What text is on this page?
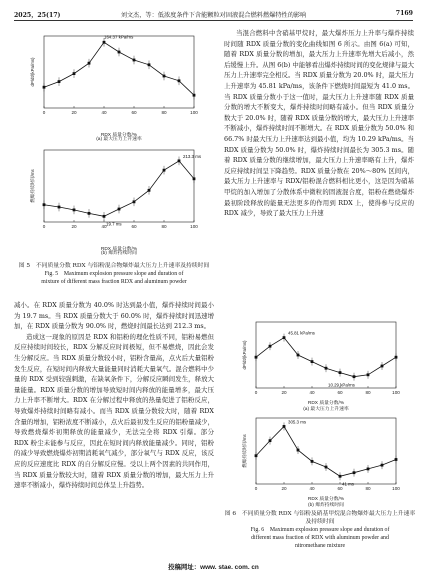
2025，25(17)	刘文杰，等：低浓度条件下含能颗粒对固液混合燃料燃爆特性的影响	7169
0	20	40	60	80	100
RDX 质量分数/%
(a) 最大压力上升速率
dP/dt/(kPa/ms)
164.37 kPa/ms
0	20	40	60	80	100
RDX 质量分数/%
(b) 爆炸持续时间
燃爆持续时间/ms
213.3 ms
19.7 ms
图 5　不同质量分数 RDX 与铝粉混合物爆炸最大压力上升速率及持续时间
Fig. 5　Maximum explosion pressure slope and duration of
mixture of different mass fraction RDX and aluminum powder

减小。在 RDX 质量分数为 40.0% 时达到最小值，爆炸持续时间最小为 19.7 ms。当 RDX 质量分数大于 60.0% 时，爆炸持续时间迅速增加，在 RDX 质量分数为 90.0% 时，燃烧时间最长达到 212.3 ms。

造成这一现象的原因是 RDX 和铝粉的理化性质不同，铝粉易燃但反应持续时间较长，RDX 分解反应时间极短，但不易燃烧，因此会发生分解反应。当 RDX 质量分数较小时，铝粉含量高，点火后大量铝粉发生反应，在短时间内释放大量能量同时消耗大量氧气。混合燃料中少量的 RDX 受到较强刺激，在缺氧条件下，分解反应瞬间发生，释放大量能量。RDX 质量分数的增加导致短时间内释放的能量增多，最大压力上升率不断增大。RDX 在分解过程中释放的热量促进了铝粉反应，导致爆炸持续时间略有减小。而当 RDX 质量分数较大时，随着 RDX 含量的增加，铝粉浓度不断减小，点火后最初发生反应的铝粉量减少，导致燃烧爆炸初期释放的能量减少，无法完全将 RDX 引爆。部分 RDX 粉尘未能参与反应，因此在短时间内释放能量减少。同时，铝粉的减少导致燃烧爆炸初期消耗氧气减少，部分氧气与 RDX 反应，该反应的反应速度比 RDX 的自分解反应慢。受以上两个因素的共同作用，当 RDX 质量分数较大时，随着 RDX 质量分数的增加，最大压力上升速率不断减小，爆炸持续时间总体呈上升趋势。

当混合燃料中含硝基甲烷时，最大爆炸压力上升率与爆炸持续时间随 RDX 质量分数的变化曲线如图 6 所示。由图 6(a) 可知，随着 RDX 质量分数的增加，最大压力上升速率先增大后减小，然后缓慢上升。从图 6(b) 中能够看出爆炸持续时间的变化规律与最大压力上升速率完全相反。当 RDX 质量分数为 20.0% 时，最大压力上升速率为 45.81 kPa/ms，该条件下燃烧时间最短为 41.0 ms。当 RDX 质量分数小于这一值时，最大压力上升速率随 RDX 质量分数的增大不断变大，爆炸持续时间略有减小。但当 RDX 质量分数大于 20.0% 时，随着 RDX 质量分数的增大，最大压力上升速率不断减小，爆炸持续时间不断增大。在 RDX 质量分数为 50.0% 和 66.7% 时最大压力上升速率达到最小值，均为 10.29 kPa/ms。当 RDX 质量分数为 50.0% 时，爆炸持续时间最长为 305.3 ms。随着 RDX 质量分数的继续增加，最大压力上升速率略有上升，爆炸反应持续时间呈下降趋势。RDX 质量分数在 20%～80% 区间内，最大压力上升速率与 RDX/铝粉混合燃料相比更小，这是因为硝基甲烷的加入增加了分散体系中微粒的固液混合度，铝粉在燃烧爆炸最初阶段释放的能量无法更多的作用到 RDX 上，使得参与反应的 RDX 减少，导致了最大压力上升速

0	20	40	60	80	100
RDX 质量分数/%
(a) 最大压力上升速率
dP/dt/(kPa/ms)
45.81 kPa/ms
10.29 kPa/ms
0	20	40	60	80	100
RDX 质量分数/%
(b) 爆炸持续时间
燃爆持续时间/ms
305.3 ms
41 ms
图 6　不同质量分数 RDX 与铝粉及硝基甲烷混合物爆炸最大压力上升速率及持续时间
Fig. 6　Maximum explosion pressure slope and duration of
different mass fraction of RDX with aluminum powder and
nitromethane mixture
投稿网址：www. stae. com. cn
